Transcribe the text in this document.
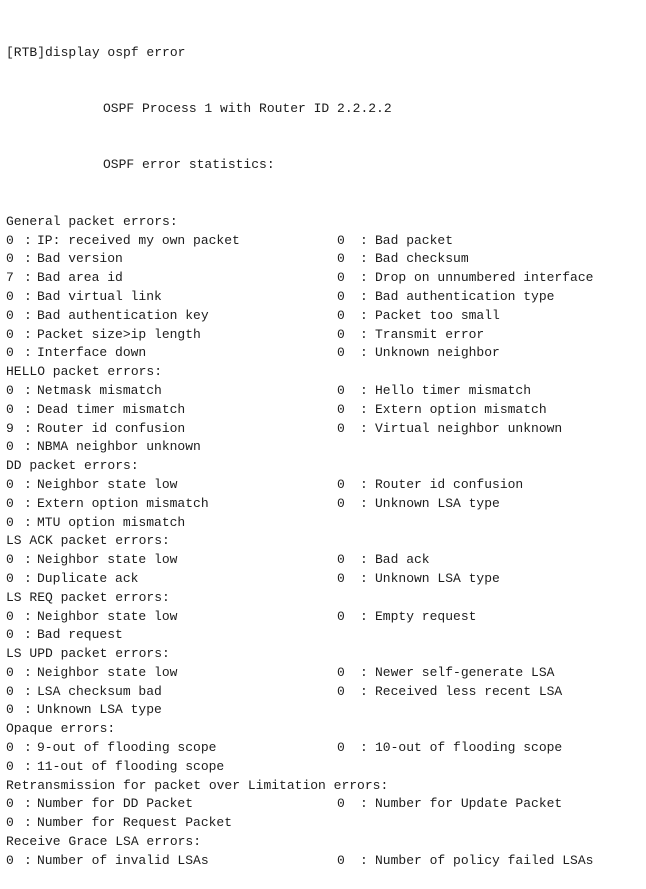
[RTB]display ospf error

OSPF Process 1 with Router ID 2.2.2.2

OSPF error statistics:

General packet errors:
0 : IP: received my own packet	0 : Bad packet
0 : Bad version	0 : Bad checksum
7 : Bad area id	0 : Drop on unnumbered interface
0 : Bad virtual link	0 : Bad authentication type
0 : Bad authentication key	0 : Packet too small
0 : Packet size>ip length	0 : Transmit error
0 : Interface down	0 : Unknown neighbor
HELLO packet errors:
0 : Netmask mismatch	0 : Hello timer mismatch
0 : Dead timer mismatch	0 : Extern option mismatch
9 : Router id confusion	0 : Virtual neighbor unknown
0 : NBMA neighbor unknown
DD packet errors:
0 : Neighbor state low	0 : Router id confusion
0 : Extern option mismatch	0 : Unknown LSA type
0 : MTU option mismatch
LS ACK packet errors:
0 : Neighbor state low	0 : Bad ack
0 : Duplicate ack	0 : Unknown LSA type
LS REQ packet errors:
0 : Neighbor state low	0 : Empty request
0 : Bad request
LS UPD packet errors:
0 : Neighbor state low	0 : Newer self-generate LSA
0 : LSA checksum bad	0 : Received less recent LSA
0 : Unknown LSA type
Opaque errors:
0 : 9-out of flooding scope	0 : 10-out of flooding scope
0 : 11-out of flooding scope
Retransmission for packet over Limitation errors:
0 : Number for DD Packet	0 : Number for Update Packet
0 : Number for Request Packet
Receive Grace LSA errors:
0 : Number of invalid LSAs	0 : Number of policy failed LSAs
